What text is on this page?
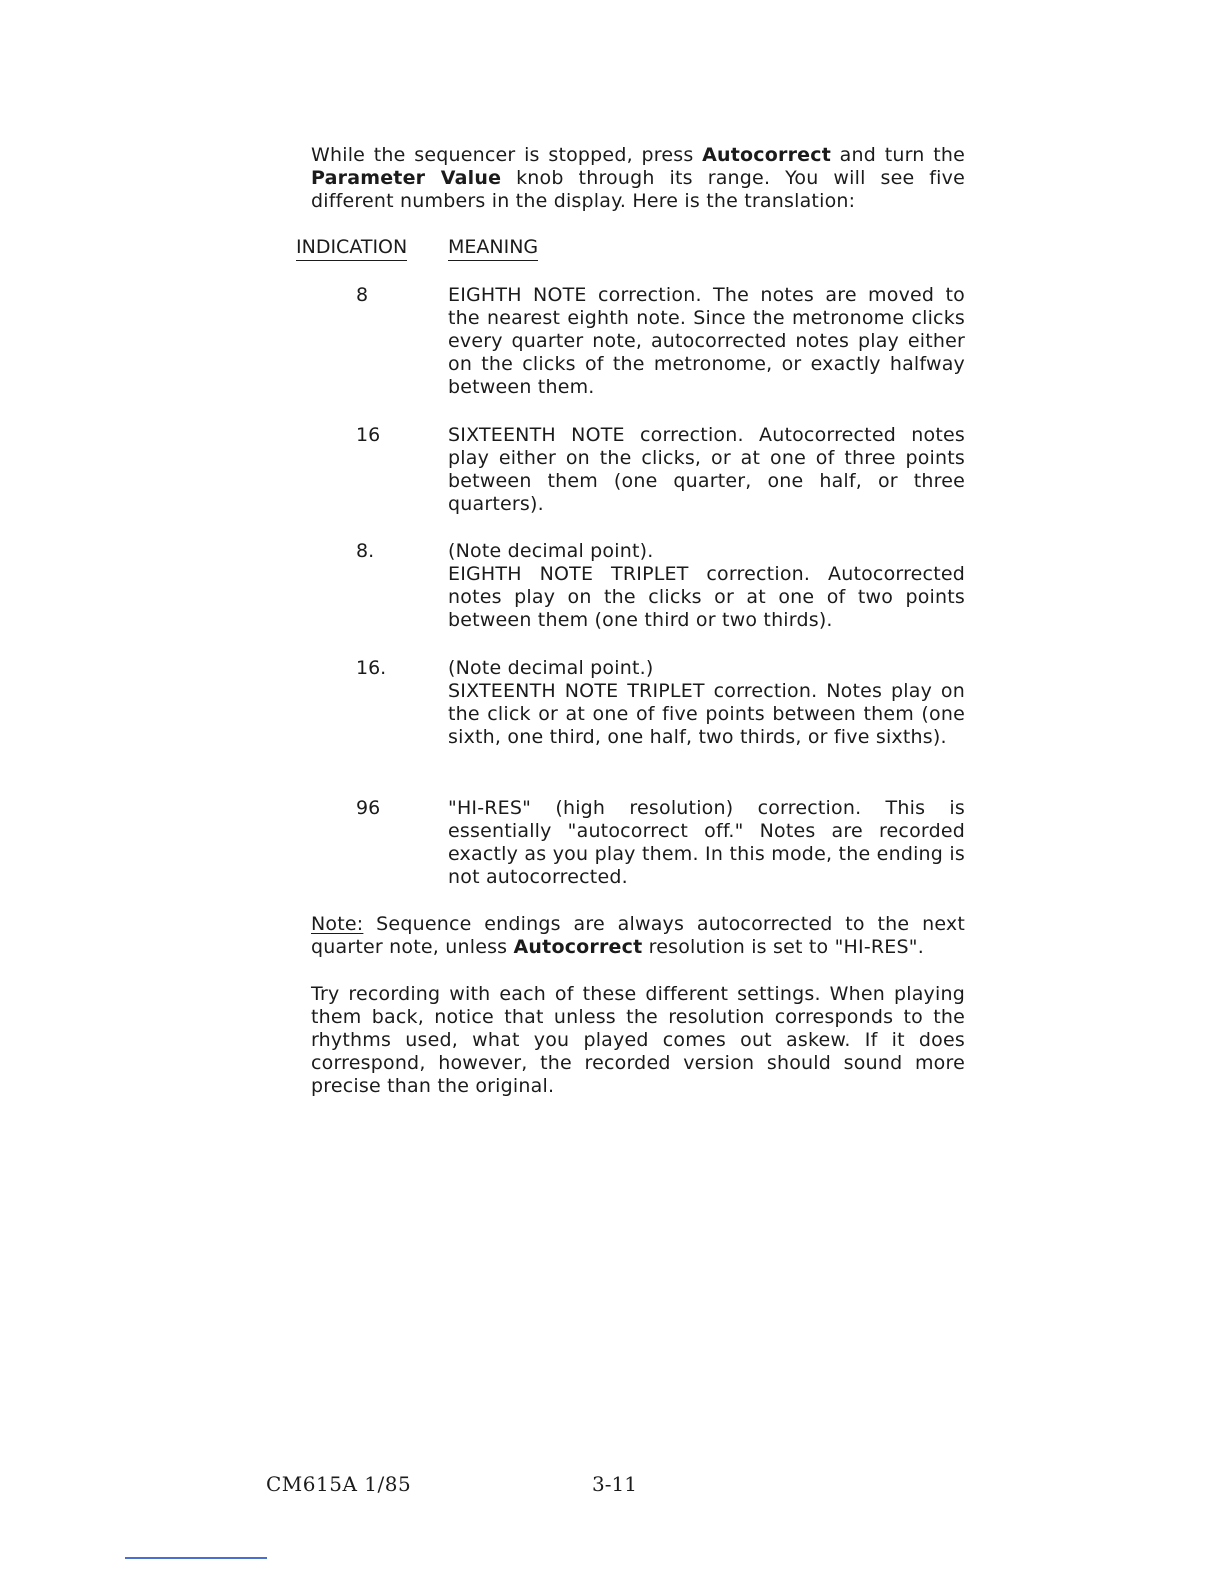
While the sequencer is stopped, press Autocorrect and turn the Parameter Value knob through its range. You will see five different numbers in the display. Here is the translation:

INDICATION MEANING
8	EIGHTH NOTE correction. The notes are moved to the nearest eighth note. Since the metronome clicks every quarter note, autocorrected notes play either on the clicks of the metronome, or exactly halfway between them.
16	SIXTEENTH NOTE correction. Autocorrected notes play either on the clicks, or at one of three points between them (one quarter, one half, or three quarters).
8.	(Note decimal point).
EIGHTH NOTE TRIPLET correction. Autocorrected notes play on the clicks or at one of two points between them (one third or two thirds).
16.	(Note decimal point.)
SIXTEENTH NOTE TRIPLET correction. Notes play on the click or at one of five points between them (one sixth, one third, one half, two thirds, or five sixths).
96	"HI-RES" (high resolution) correction. This is essentially "autocorrect off." Notes are recorded exactly as you play them. In this mode, the ending is not autocorrected.

Note: Sequence endings are always autocorrected to the next quarter note, unless Autocorrect resolution is set to "HI-RES".

Try recording with each of these different settings. When playing them back, notice that unless the resolution corresponds to the rhythms used, what you played comes out askew. If it does correspond, however, the recorded version should sound more precise than the original.

CM615A 1/85	3-11
